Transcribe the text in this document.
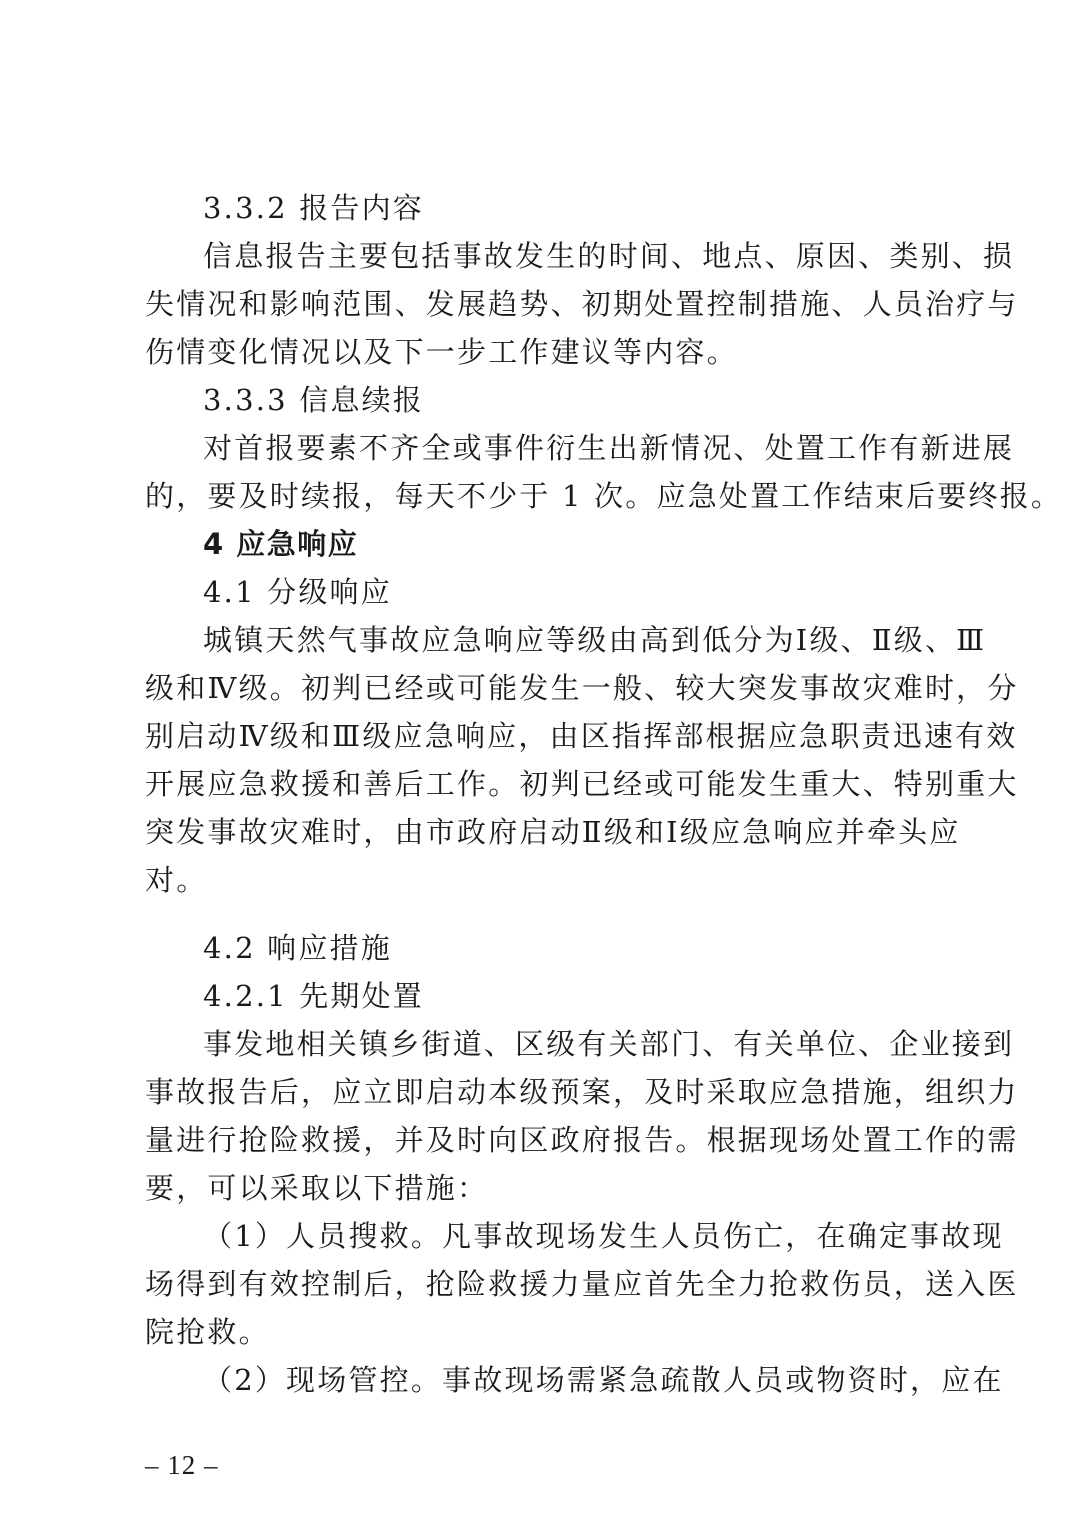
3.3.2 报告内容
信息报告主要包括事故发生的时间、地点、原因、类别、损
失情况和影响范围、发展趋势、初期处置控制措施、人员治疗与
伤情变化情况以及下一步工作建议等内容。
3.3.3 信息续报
对首报要素不齐全或事件衍生出新情况、处置工作有新进展
的，要及时续报，每天不少于 1 次。应急处置工作结束后要终报。
4 应急响应
4.1 分级响应
城镇天然气事故应急响应等级由高到低分为Ⅰ级、Ⅱ级、Ⅲ
级和Ⅳ级。初判已经或可能发生一般、较大突发事故灾难时，分
别启动Ⅳ级和Ⅲ级应急响应，由区指挥部根据应急职责迅速有效
开展应急救援和善后工作。初判已经或可能发生重大、特别重大
突发事故灾难时，由市政府启动Ⅱ级和Ⅰ级应急响应并牵头应
对。
4.2 响应措施
4.2.1 先期处置
事发地相关镇乡街道、区级有关部门、有关单位、企业接到
事故报告后，应立即启动本级预案，及时采取应急措施，组织力
量进行抢险救援，并及时向区政府报告。根据现场处置工作的需
要，可以采取以下措施：
（1）人员搜救。凡事故现场发生人员伤亡，在确定事故现
场得到有效控制后，抢险救援力量应首先全力抢救伤员，送入医
院抢救。
（2）现场管控。事故现场需紧急疏散人员或物资时，应在
– 12 –
